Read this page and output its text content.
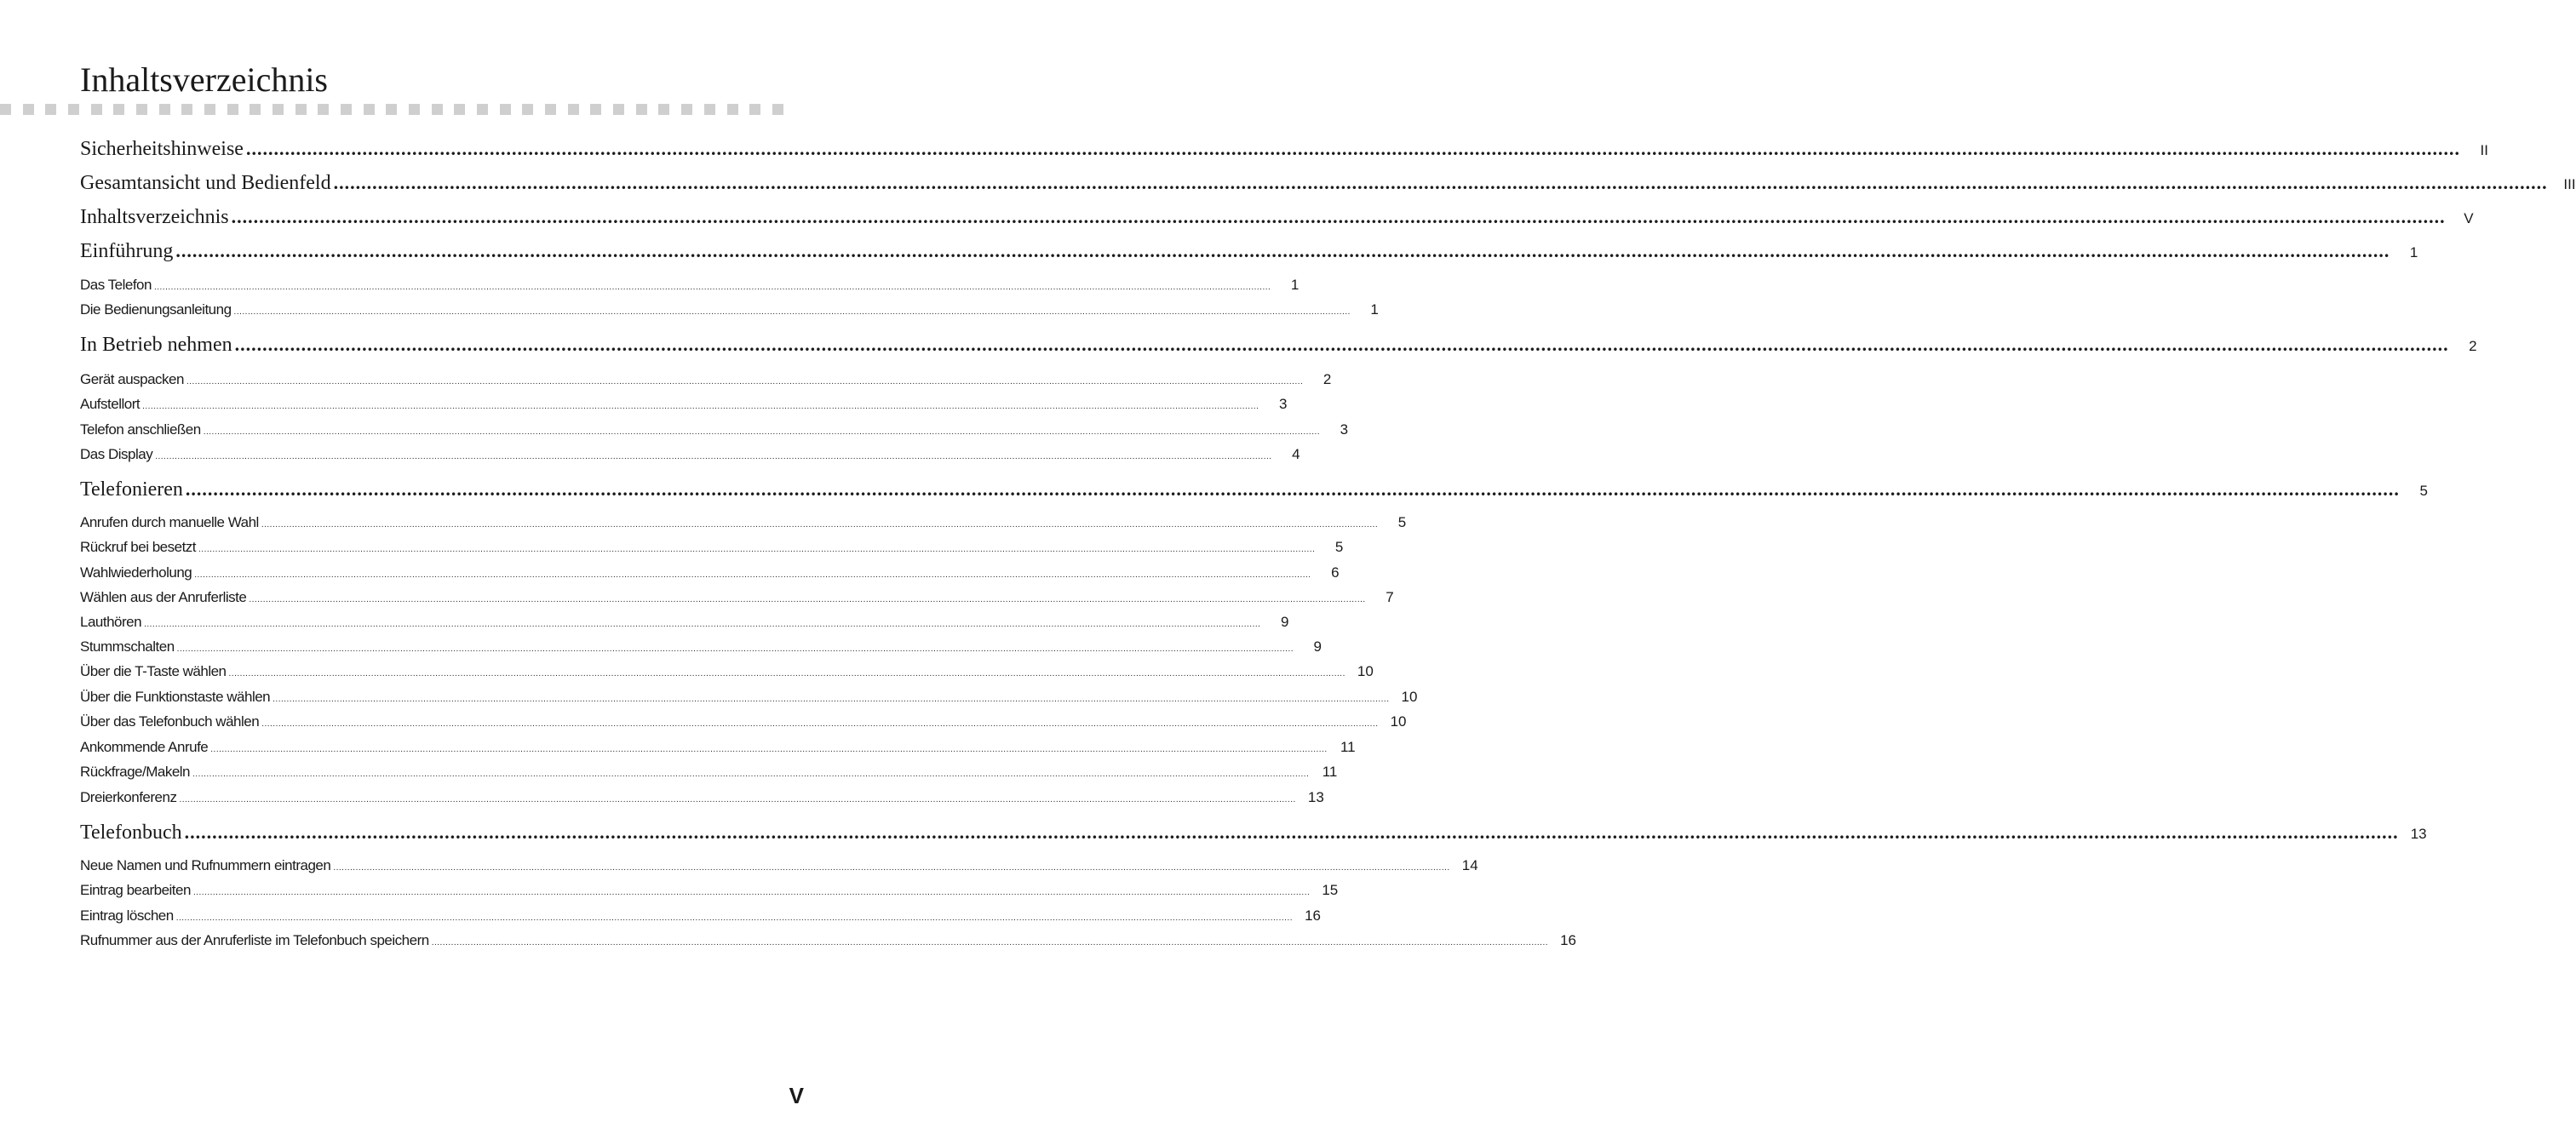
Inhaltsverzeichnis
Sicherheitshinweise ................................................................................................................................................................................................................................................................................................................................................................................................................	II
Gesamtansicht und Bedienfeld ................................................................................................................................................................................................................................................................................................................................................................................................................	III
Inhaltsverzeichnis ................................................................................................................................................................................................................................................................................................................................................................................................................	V
Einführung ................................................................................................................................................................................................................................................................................................................................................................................................................	1
Das Telefon ................................................................................................................................................................................................................................................................................................................................................................................................................	1
Die Bedienungsanleitung ................................................................................................................................................................................................................................................................................................................................................................................................................	1
In Betrieb nehmen ................................................................................................................................................................................................................................................................................................................................................................................................................	2
Gerät auspacken ................................................................................................................................................................................................................................................................................................................................................................................................................	2
Aufstellort ................................................................................................................................................................................................................................................................................................................................................................................................................	3
Telefon anschließen ................................................................................................................................................................................................................................................................................................................................................................................................................	3
Das Display ................................................................................................................................................................................................................................................................................................................................................................................................................	4
Telefonieren ................................................................................................................................................................................................................................................................................................................................................................................................................	5
Anrufen durch manuelle Wahl ................................................................................................................................................................................................................................................................................................................................................................................................................	5
Rückruf bei besetzt ................................................................................................................................................................................................................................................................................................................................................................................................................	5
Wahlwiederholung ................................................................................................................................................................................................................................................................................................................................................................................................................	6
Wählen aus der Anruferliste ................................................................................................................................................................................................................................................................................................................................................................................................................	7
Lauthören ................................................................................................................................................................................................................................................................................................................................................................................................................	9
Stummschalten ................................................................................................................................................................................................................................................................................................................................................................................................................	9
Über die T-Taste wählen ................................................................................................................................................................................................................................................................................................................................................................................................................ 10
Über die Funktionstaste wählen ................................................................................................................................................................................................................................................................................................................................................................................................................ 10
Über das Telefonbuch wählen ................................................................................................................................................................................................................................................................................................................................................................................................................ 10
Ankommende Anrufe ................................................................................................................................................................................................................................................................................................................................................................................................................ 11
Rückfrage/Makeln ................................................................................................................................................................................................................................................................................................................................................................................................................ 11
Dreierkonferenz ................................................................................................................................................................................................................................................................................................................................................................................................................ 13
Telefonbuch ................................................................................................................................................................................................................................................................................................................................................................................................................ 13
Neue Namen und Rufnummern eintragen ................................................................................................................................................................................................................................................................................................................................................................................................................ 14
Eintrag bearbeiten ................................................................................................................................................................................................................................................................................................................................................................................................................ 15
Eintrag löschen ................................................................................................................................................................................................................................................................................................................................................................................................................ 16
Rufnummer aus der Anruferliste im Telefonbuch speichern ................................................................................................................................................................................................................................................................................................................................................................................................................ 16
V
